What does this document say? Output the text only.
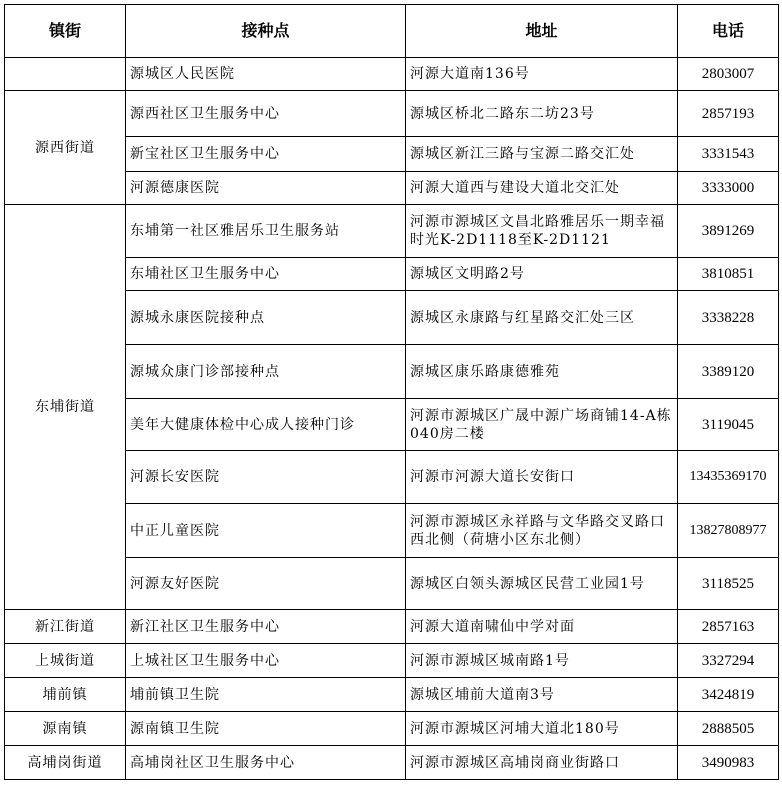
镇街	接种点	地址	电话
	源城区人民医院	河源大道南136号	2803007
源西街道	源西社区卫生服务中心	源城区桥北二路东二坊23号	2857193
	新宝社区卫生服务中心	源城区新江三路与宝源二路交汇处	3331543
	河源德康医院	河源大道西与建设大道北交汇处	3333000
东埔街道	东埔第一社区雅居乐卫生服务站	河源市源城区文昌北路雅居乐一期幸福时光K-2D1118至K-2D1121	3891269
	东埔社区卫生服务中心	源城区文明路2号	3810851
	源城永康医院接种点	源城区永康路与红星路交汇处三区	3338228
	源城众康门诊部接种点	源城区康乐路康德雅苑	3389120
	美年大健康体检中心成人接种门诊	河源市源城区广晟中源广场商铺14-A栋040房二楼	3119045
	河源长安医院	河源市河源大道长安街口	13435369170
	中正儿童医院	河源市源城区永祥路与文华路交叉路口西北侧（荷塘小区东北侧）	13827808977
	河源友好医院	源城区白领头源城区民营工业园1号	3118525
新江街道	新江社区卫生服务中心	河源大道南啸仙中学对面	2857163
上城街道	上城社区卫生服务中心	河源市源城区城南路1号	3327294
埔前镇	埔前镇卫生院	源城区埔前大道南3号	3424819
源南镇	源南镇卫生院	河源市源城区河埔大道北180号	2888505
高埔岗街道	高埔岗社区卫生服务中心	河源市源城区高埔岗商业街路口	3490983
